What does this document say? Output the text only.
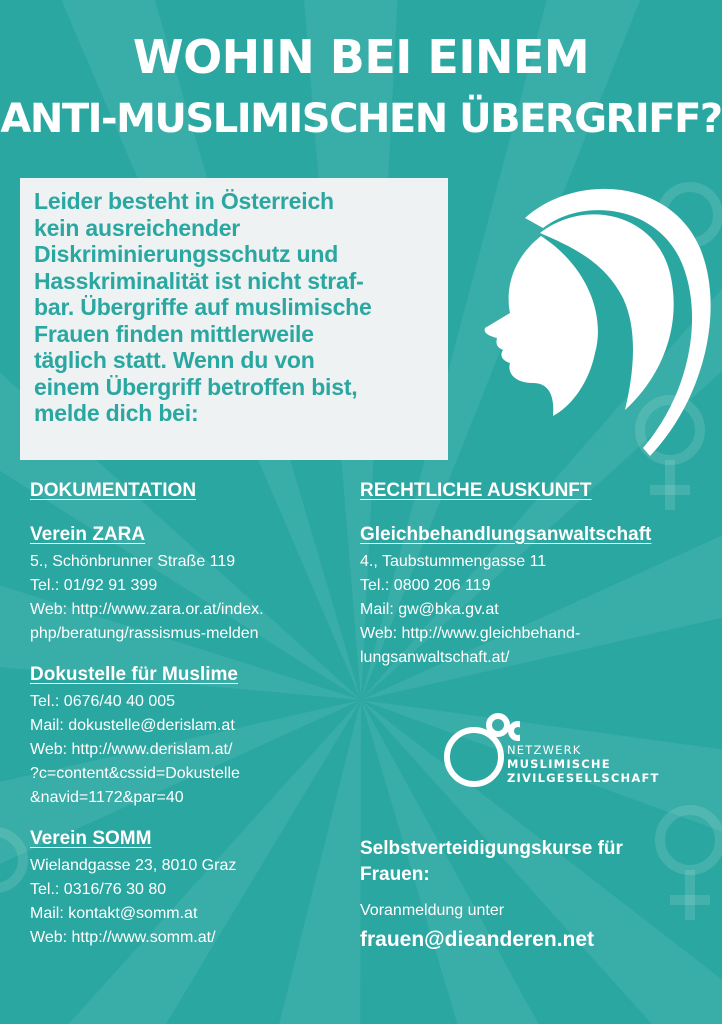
WOHIN BEI EINEM
ANTI-MUSLIMISCHEN ÜBERGRIFF?

Leider besteht in Österreich
kein ausreichender
Diskriminierungsschutz und
Hasskriminalität ist nicht straf-
bar. Übergriffe auf muslimische
Frauen finden mittlerweile
täglich statt. Wenn du von
einem Übergriff betroffen bist,
melde dich bei:

DOKUMENTATION

Verein ZARA

5., Schönbrunner Straße 119

Tel.: 01/92 91 399

Web: http://www.zara.or.at/index.

php/beratung/rassismus-melden

Dokustelle für Muslime

Tel.: 0676/40 40 005

Mail: dokustelle@derislam.at

Web: http://www.derislam.at/

?c=content&cssid=Dokustelle

&navid=1172&par=40

Verein SOMM

Wielandgasse 23, 8010 Graz

Tel.: 0316/76 30 80

Mail: kontakt@somm.at

Web: http://www.somm.at/

RECHTLICHE AUSKUNFT

Gleichbehandlungsanwaltschaft

4., Taubstummengasse 11

Tel.: 0800 206 119

Mail: gw@bka.gv.at

Web: http://www.gleichbehand-

lungsanwaltschaft.at/

NETZWERK
MUSLIMISCHE
ZIVILGESELLSCHAFT

Selbstverteidigungskurse für
Frauen:

Voranmeldung unter

frauen@dieanderen.net
